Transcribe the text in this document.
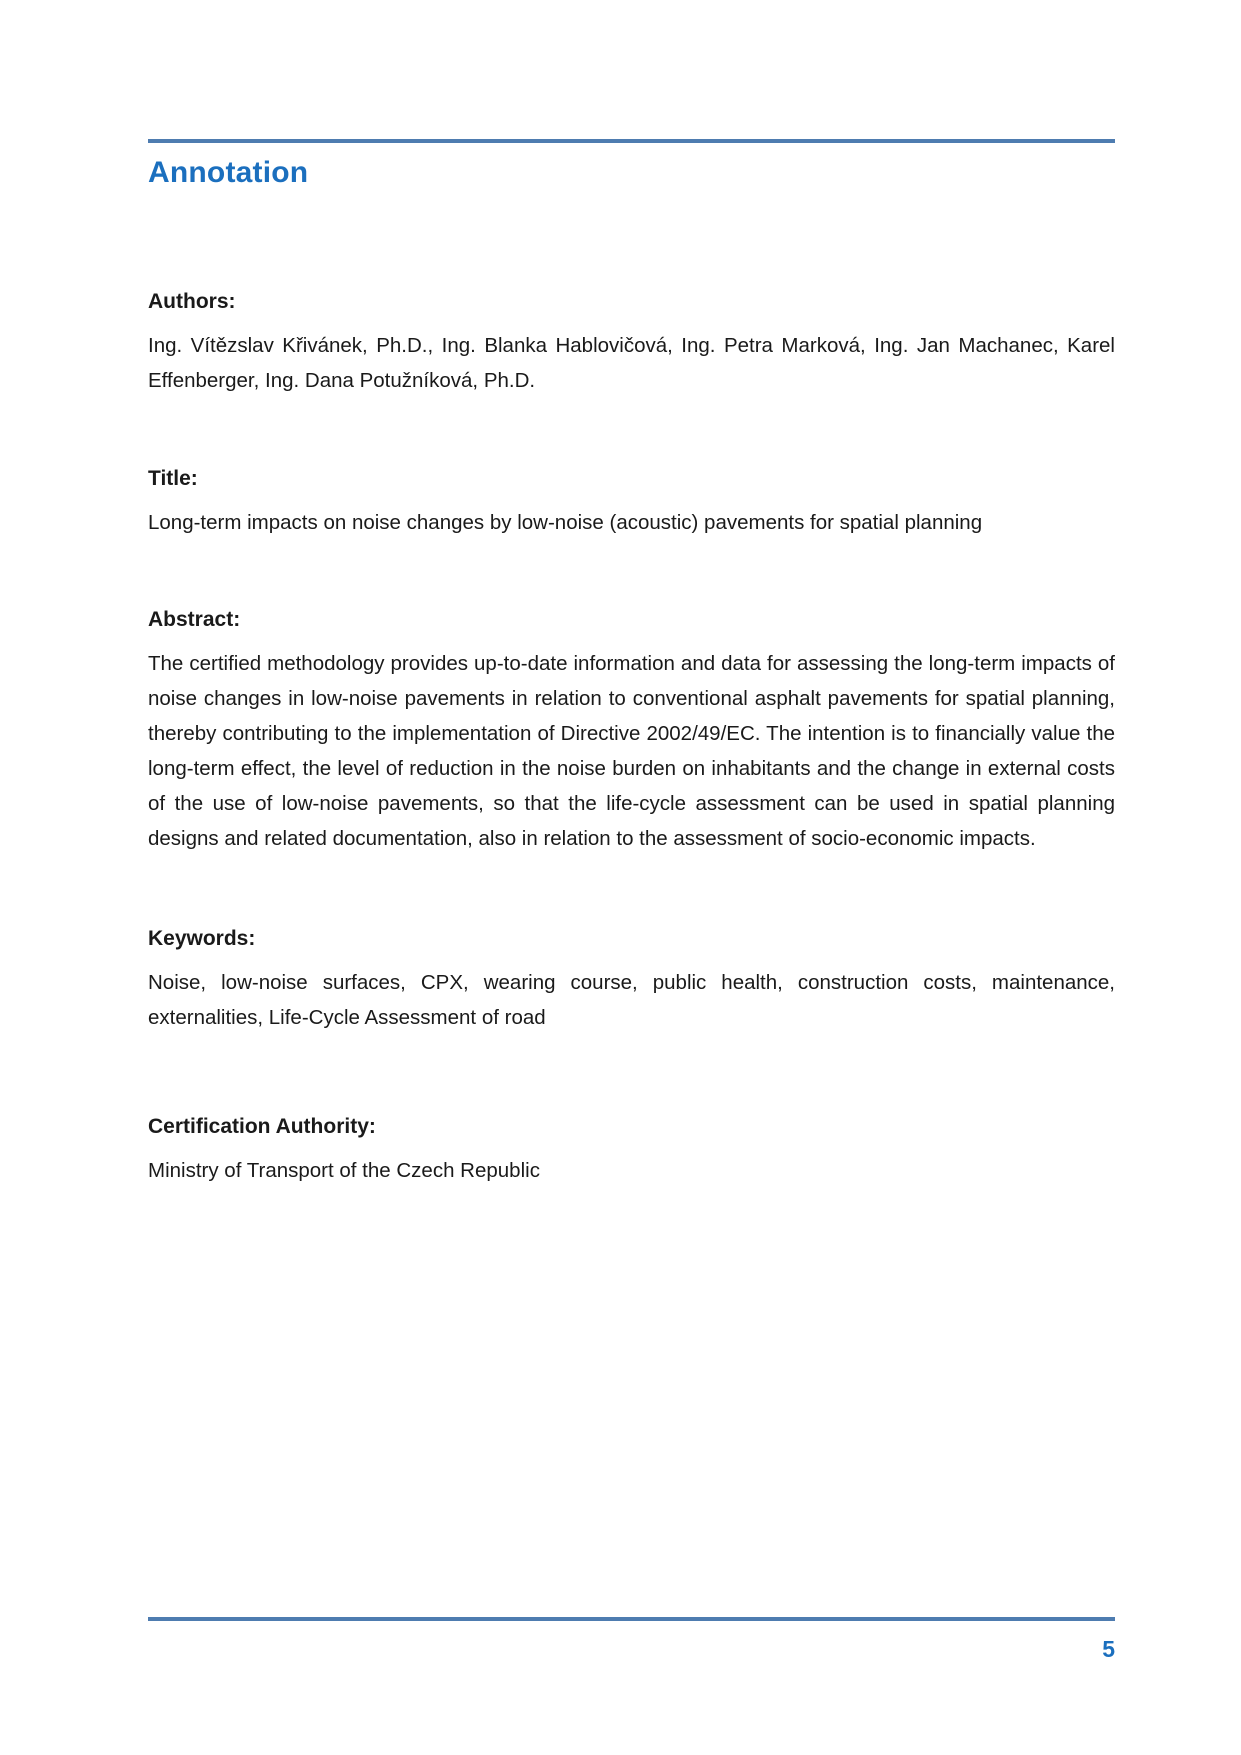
Annotation
Authors:

Ing. Vítězslav Křivánek, Ph.D., Ing. Blanka Hablovičová, Ing. Petra Marková, Ing. Jan Machanec, Karel Effenberger, Ing. Dana Potužníková, Ph.D.

Title:

Long-term impacts on noise changes by low-noise (acoustic) pavements for spatial planning

Abstract:

The certified methodology provides up-to-date information and data for assessing the long-term impacts of noise changes in low-noise pavements in relation to conventional asphalt pavements for spatial planning, thereby contributing to the implementation of Directive 2002/49/EC. The intention is to financially value the long-term effect, the level of reduction in the noise burden on inhabitants and the change in external costs of the use of low-noise pavements, so that the life-cycle assessment can be used in spatial planning designs and related documentation, also in relation to the assessment of socio-economic impacts.

Keywords:

Noise, low-noise surfaces, CPX, wearing course, public health, construction costs, maintenance, externalities, Life-Cycle Assessment of road

Certification Authority:

Ministry of Transport of the Czech Republic

5
